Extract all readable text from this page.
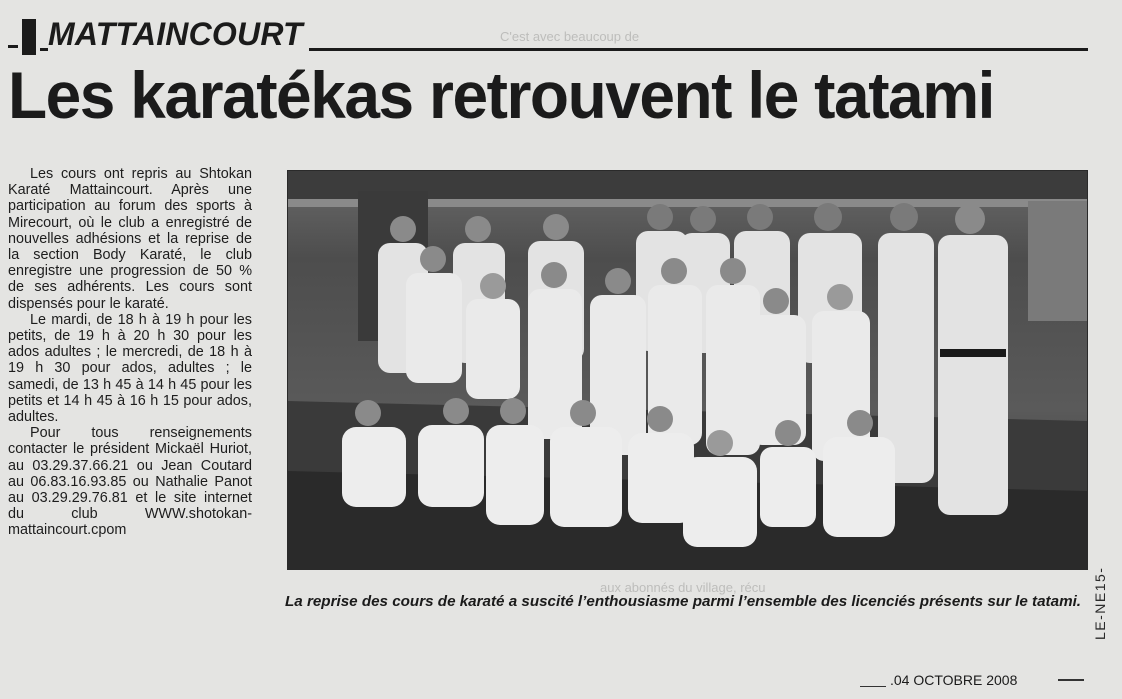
C'est avec beaucoup de
aux abonnés du village, récu
MATTAINCOURT
Les karatékas retrouvent le tatami

Les cours ont repris au Shtokan Karaté Mattaincourt. Après une participation au forum des sports à Mirecourt, où le club a enregistré de nouvelles adhésions et la reprise de la section Body Karaté, le club enregistre une progression de 50 % de ses adhérents. Les cours sont dispensés pour le karaté.

Le mardi, de 18 h à 19 h pour les petits, de 19 h à 20 h 30 pour les ados adultes ; le mercredi, de 18 h à 19 h 30 pour ados, adultes ; le samedi, de 13 h 45 à 14 h 45 pour les petits et 14 h 45 à 16 h 15 pour ados, adultes.

Pour tous renseignements contacter le président Mickaël Huriot, au 03.29.37.66.21 ou Jean Coutard au 06.83.16.93.85 ou Nathalie Panot au 03.29.29.76.81 et le site internet du club WWW.shotokan- mattaincourt.cpom

La reprise des cours de karaté a suscité l’enthousiasme parmi l’ensemble des licenciés présents sur le tatami. LE-NE15-
.04 OCTOBRE 2008
